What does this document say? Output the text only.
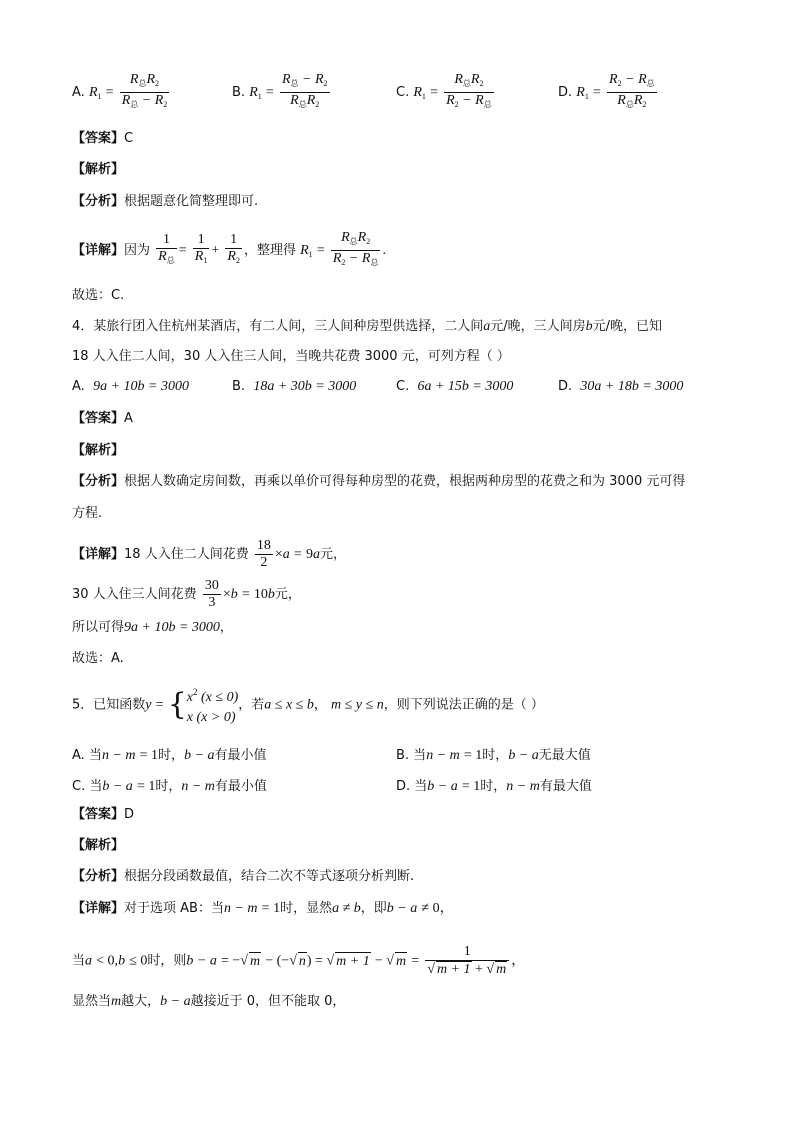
A. $R_1 = \frac{R_总R_2}{R_总 - R_2}$	B. $R_1 = \frac{R_总 - R_2}{R_总R_2}$	C. $R_1 = \frac{R_总R_2}{R_2 - R_总}$	D. $R_1 = \frac{R_2 - R_总}{R_总R_2}$
【答案】C
【解析】
【分析】根据题意化简整理即可.
【详解】因为 $\frac{1}{R_总} = \frac{1}{R_1} + \frac{1}{R_2}$ ，整理得 $R_1 = \frac{R_总R_2}{R_2 - R_总}$ .
故选：C.
4．某旅行团入住杭州某酒店，有二人间，三人间种房型供选择，二人间a元/晚，三人间房b元/晚，已知
18 人入住二人间，30 人入住三人间，当晚共花费 3000 元，可列方程（ ）
A. 9a + 10b = 3000	B. 18a + 30b = 3000	C. 6a + 15b = 3000	D. 30a + 18b = 3000
【答案】A
【解析】
【分析】根据人数确定房间数，再乘以单价可得每种房型的花费，根据两种房型的花费之和为 3000 元可得
方程.
【详解】18 人入住二人间花费 $\frac{18}{2} \times a = 9a$元，
30 人入住三人间花费 $\frac{30}{3} \times b = 10b$元，
所以可得9a + 10b = 3000，
故选：A.
5．已知函数y = { $x^2$ (x ≤ 0)
x (x > 0)
，若a ≤ x ≤ b， m ≤ y ≤ n，则下列说法正确的是（ ）
A. 当n − m = 1时，b − a有最小值	B. 当n − m = 1时，b − a无最大值
C. 当b − a = 1时，n − m有最小值	D. 当b − a = 1时，n − m有最大值
【答案】D
【解析】
【分析】根据分段函数最值，结合二次不等式逐项分析判断.
【详解】对于选项 AB：当n − m = 1时，显然a ≠ b，即b − a ≠ 0，
当a < 0,b ≤ 0时，则b − a = −√ m − (−√ n) = √ m + 1 − √ $m = \frac{1}{√ m + 1 + √ m}$ ，
显然当m越大，b − a越接近于 0，但不能取 0，
